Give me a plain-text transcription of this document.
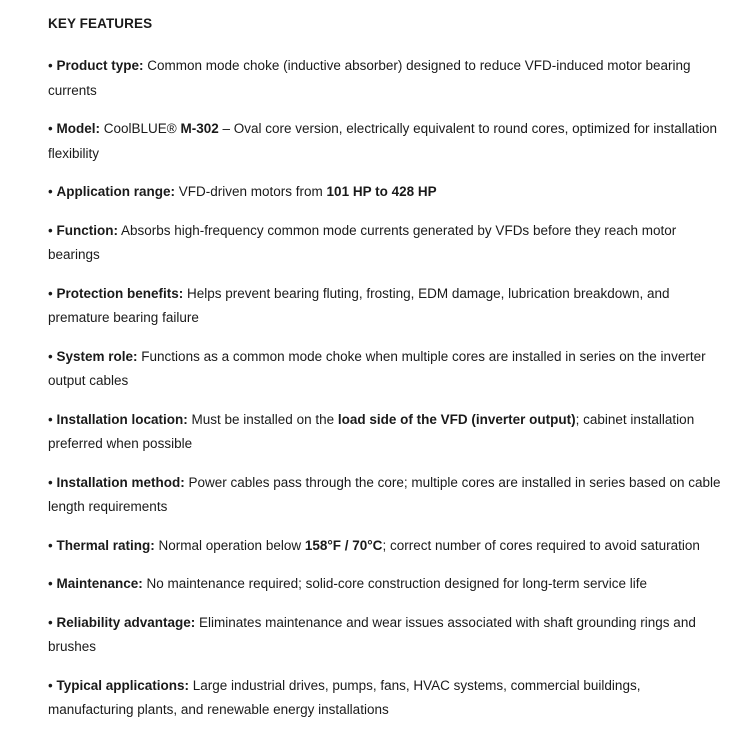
KEY FEATURES
• Product type: Common mode choke (inductive absorber) designed to reduce VFD-induced motor bearing currents
• Model: CoolBLUE® M-302 – Oval core version, electrically equivalent to round cores, optimized for installation flexibility
• Application range: VFD-driven motors from 101 HP to 428 HP
• Function: Absorbs high-frequency common mode currents generated by VFDs before they reach motor bearings
• Protection benefits: Helps prevent bearing fluting, frosting, EDM damage, lubrication breakdown, and premature bearing failure
• System role: Functions as a common mode choke when multiple cores are installed in series on the inverter output cables
• Installation location: Must be installed on the load side of the VFD (inverter output); cabinet installation preferred when possible
• Installation method: Power cables pass through the core; multiple cores are installed in series based on cable length requirements
• Thermal rating: Normal operation below 158°F / 70°C; correct number of cores required to avoid saturation
• Maintenance: No maintenance required; solid-core construction designed for long-term service life
• Reliability advantage: Eliminates maintenance and wear issues associated with shaft grounding rings and brushes
• Typical applications: Large industrial drives, pumps, fans, HVAC systems, commercial buildings, manufacturing plants, and renewable energy installations
